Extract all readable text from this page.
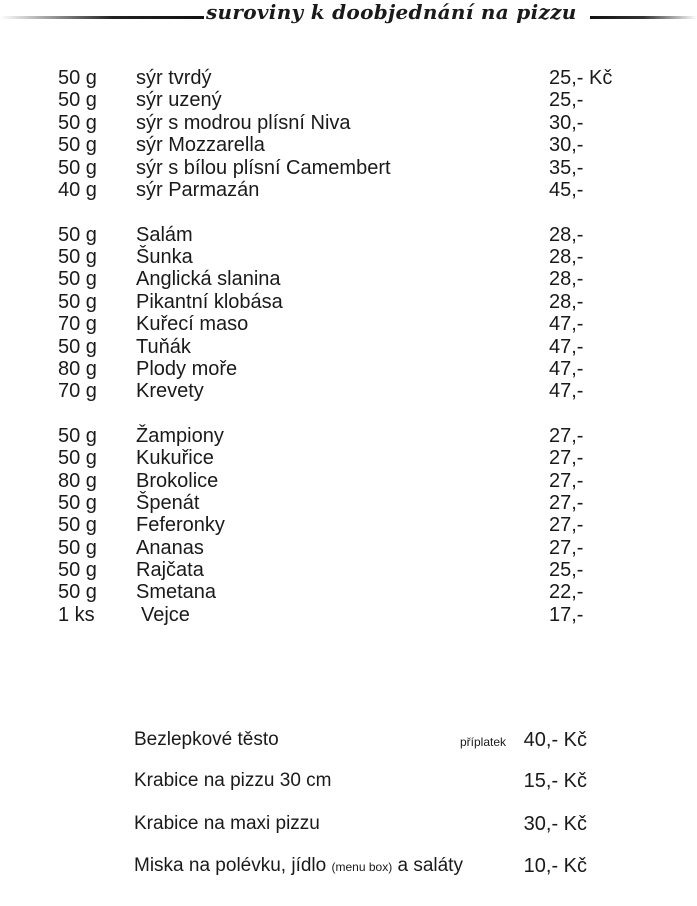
suroviny k doobjednání na pizzu
50 g sýr tvrdý	25,- Kč
50 g sýr uzený	25,-
50 g sýr s modrou plísní Niva	30,-
50 g sýr Mozzarella	30,-
50 g sýr s bílou plísní Camembert	35,-
40 g sýr Parmazán	45,-
50 g Salám	28,-
50 g Šunka	28,-
50 g Anglická slanina	28,-
50 g Pikantní klobása	28,-
70 g Kuřecí maso	47,-
50 g Tuňák	47,-
80 g Plody moře	47,-
70 g Krevety	47,-
50 g Žampiony	27,-
50 g Kukuřice	27,-
80 g Brokolice	27,-
50 g Špenát	27,-
50 g Feferonky	27,-
50 g Ananas	27,-
50 g Rajčata	25,-
50 g Smetana	22,-
1 ks Vejce	17,-
Bezlepkové těsto	příplatek 40,- Kč
Krabice na pizzu 30 cm	15,- Kč
Krabice na maxi pizzu	30,- Kč
Miska na polévku, jídlo (menu box) a saláty	10,- Kč
